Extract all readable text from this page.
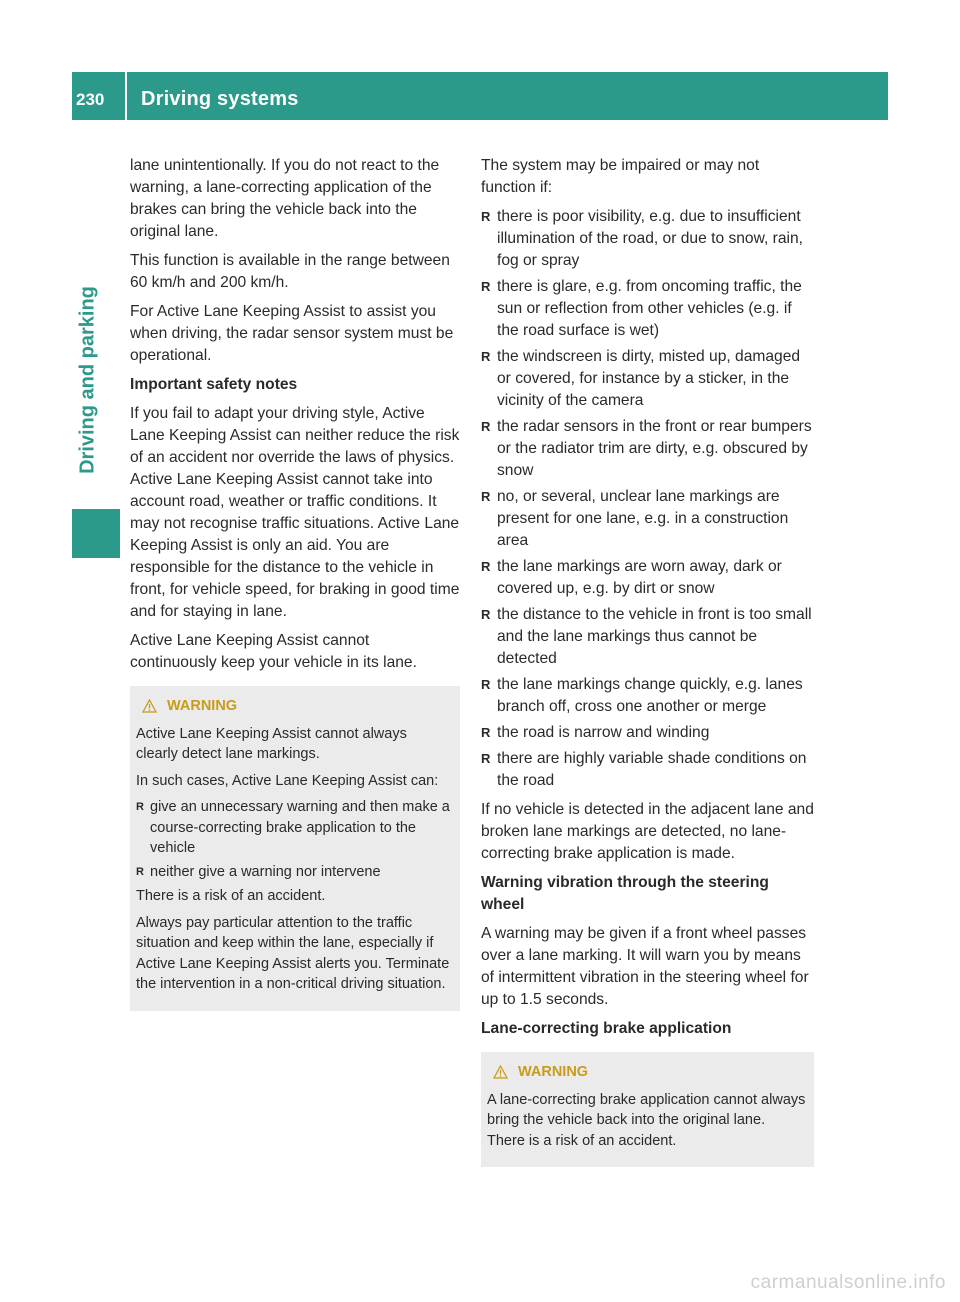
230	Driving systems
Driving and parking

lane unintentionally. If you do not react to the warning, a lane-correcting application of the brakes can bring the vehicle back into the original lane.

This function is available in the range between 60 km/h and 200 km/h.

For Active Lane Keeping Assist to assist you when driving, the radar sensor system must be operational.

Important safety notes

If you fail to adapt your driving style, Active Lane Keeping Assist can neither reduce the risk of an accident nor override the laws of physics. Active Lane Keeping Assist cannot take into account road, weather or traffic conditions. It may not recognise traffic situations. Active Lane Keeping Assist is only an aid. You are responsible for the distance to the vehicle in front, for vehicle speed, for braking in good time and for staying in lane.

Active Lane Keeping Assist cannot continuously keep your vehicle in its lane.

WARNING

Active Lane Keeping Assist cannot always clearly detect lane markings.

In such cases, Active Lane Keeping Assist can:

R give an unnecessary warning and then make a course-correcting brake application to the vehicle
R neither give a warning nor intervene

There is a risk of an accident.

Always pay particular attention to the traffic situation and keep within the lane, especially if Active Lane Keeping Assist alerts you. Terminate the intervention in a non-critical driving situation.

The system may be impaired or may not function if:

R there is poor visibility, e.g. due to insufficient illumination of the road, or due to snow, rain, fog or spray
R there is glare, e.g. from oncoming traffic, the sun or reflection from other vehicles (e.g. if the road surface is wet)
R the windscreen is dirty, misted up, damaged or covered, for instance by a sticker, in the vicinity of the camera
R the radar sensors in the front or rear bumpers or the radiator trim are dirty, e.g. obscured by snow
R no, or several, unclear lane markings are present for one lane, e.g. in a construction area
R the lane markings are worn away, dark or covered up, e.g. by dirt or snow
R the distance to the vehicle in front is too small and the lane markings thus cannot be detected
R the lane markings change quickly, e.g. lanes branch off, cross one another or merge
R the road is narrow and winding
R there are highly variable shade conditions on the road

If no vehicle is detected in the adjacent lane and broken lane markings are detected, no lane-correcting brake application is made.

Warning vibration through the steering wheel

A warning may be given if a front wheel passes over a lane marking. It will warn you by means of intermittent vibration in the steering wheel for up to 1.5 seconds.

Lane-correcting brake application

WARNING

A lane-correcting brake application cannot always bring the vehicle back into the original lane. There is a risk of an accident.

carmanualsonline.info
